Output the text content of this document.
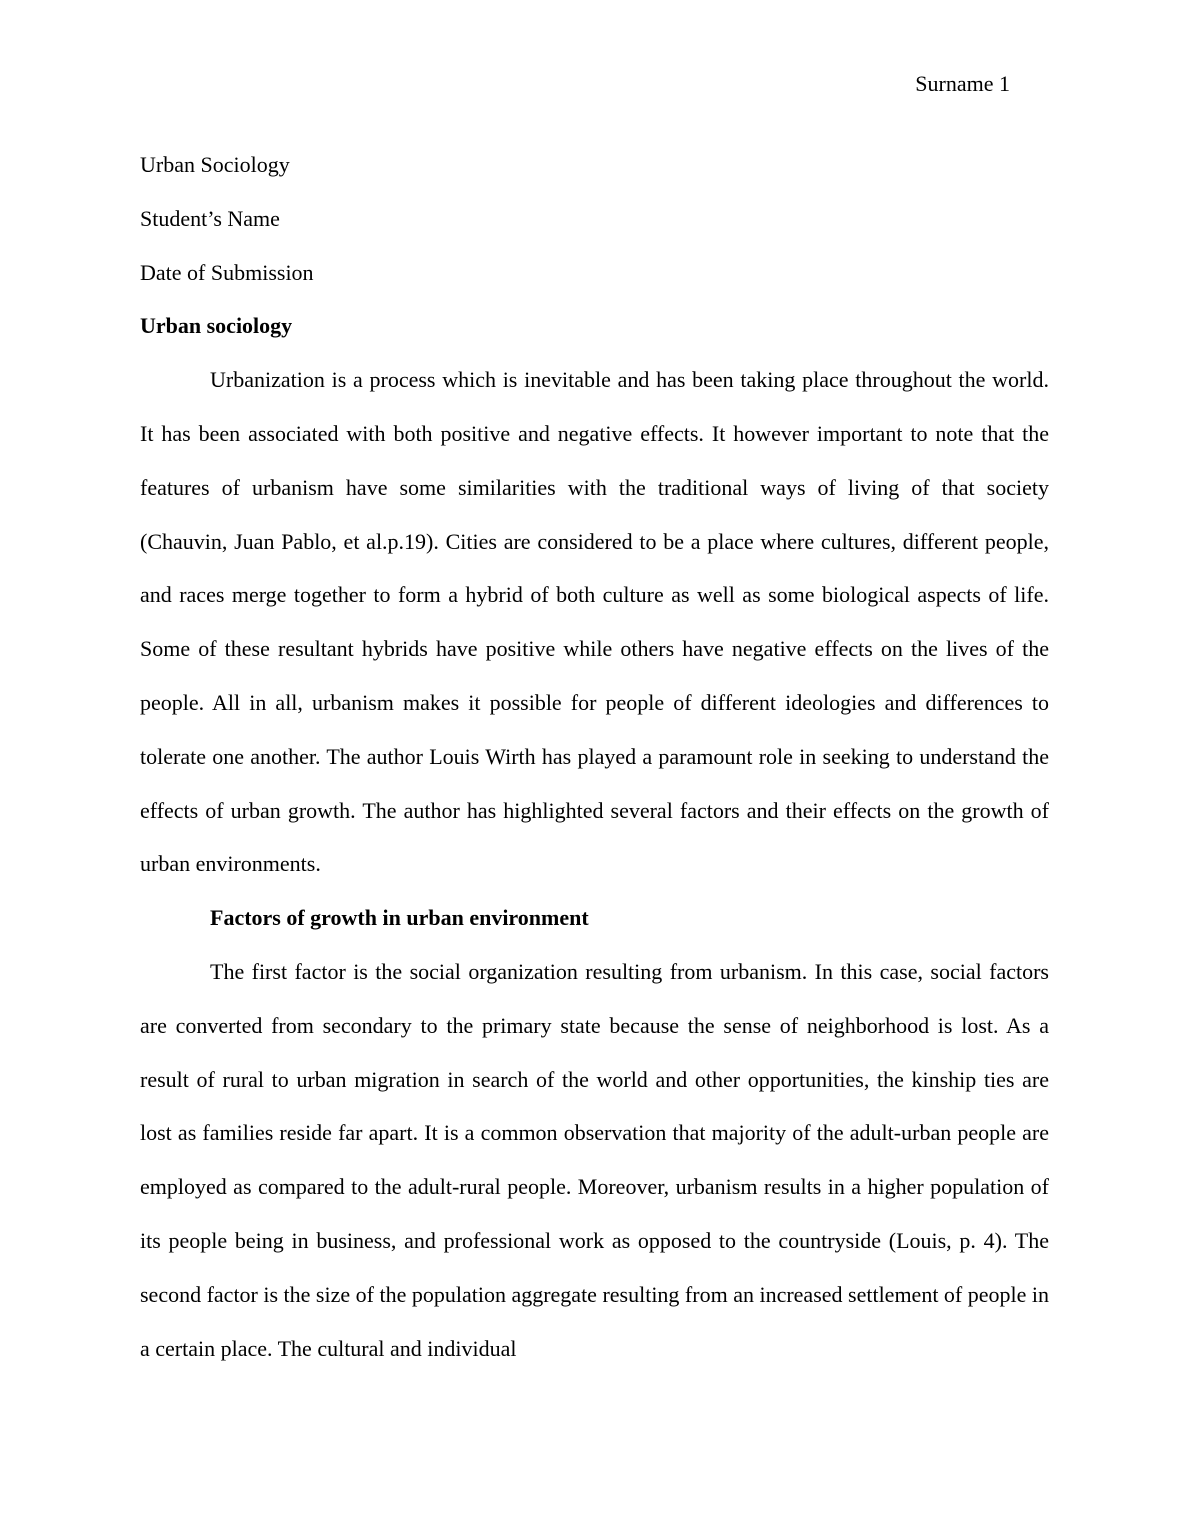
Surname 1

Urban Sociology

Student’s Name

Date of Submission

Urban sociology

Urbanization is a process which is inevitable and has been taking place throughout the world. It has been associated with both positive and negative effects. It however important to note that the features of urbanism have some similarities with the traditional ways of living of that society (Chauvin, Juan Pablo, et al.p.19). Cities are considered to be a place where cultures, different people, and races merge together to form a hybrid of both culture as well as some biological aspects of life. Some of these resultant hybrids have positive while others have negative effects on the lives of the people. All in all, urbanism makes it possible for people of different ideologies and differences to tolerate one another. The author Louis Wirth has played a paramount role in seeking to understand the effects of urban growth. The author has highlighted several factors and their effects on the growth of urban environments.

Factors of growth in urban environment

The first factor is the social organization resulting from urbanism. In this case, social factors are converted from secondary to the primary state because the sense of neighborhood is lost. As a result of rural to urban migration in search of the world and other opportunities, the kinship ties are lost as families reside far apart. It is a common observation that majority of the adult-urban people are employed as compared to the adult-rural people. Moreover, urbanism results in a higher population of its people being in business, and professional work as opposed to the countryside (Louis, p. 4). The second factor is the size of the population aggregate resulting from an increased settlement of people in a certain place. The cultural and individual
